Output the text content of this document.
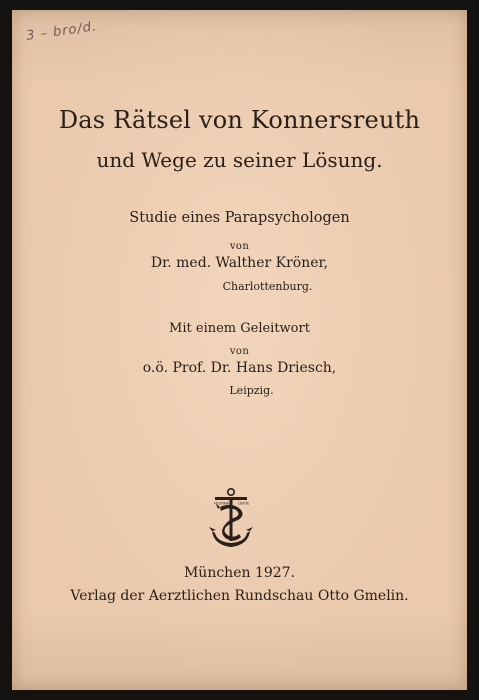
3 – bro/d.
Das Rätsel von Konnersreuth
und Wege zu seiner Lösung.
Studie eines Parapsychologen
von
Dr. med. Walther Kröner,
Charlottenburg.
Mit einem Geleitwort
von
o.ö. Prof. Dr. Hans Driesch,
Leipzig.
FESTINA LENTE
München 1927.
Verlag der Aerztlichen Rundschau Otto Gmelin.
